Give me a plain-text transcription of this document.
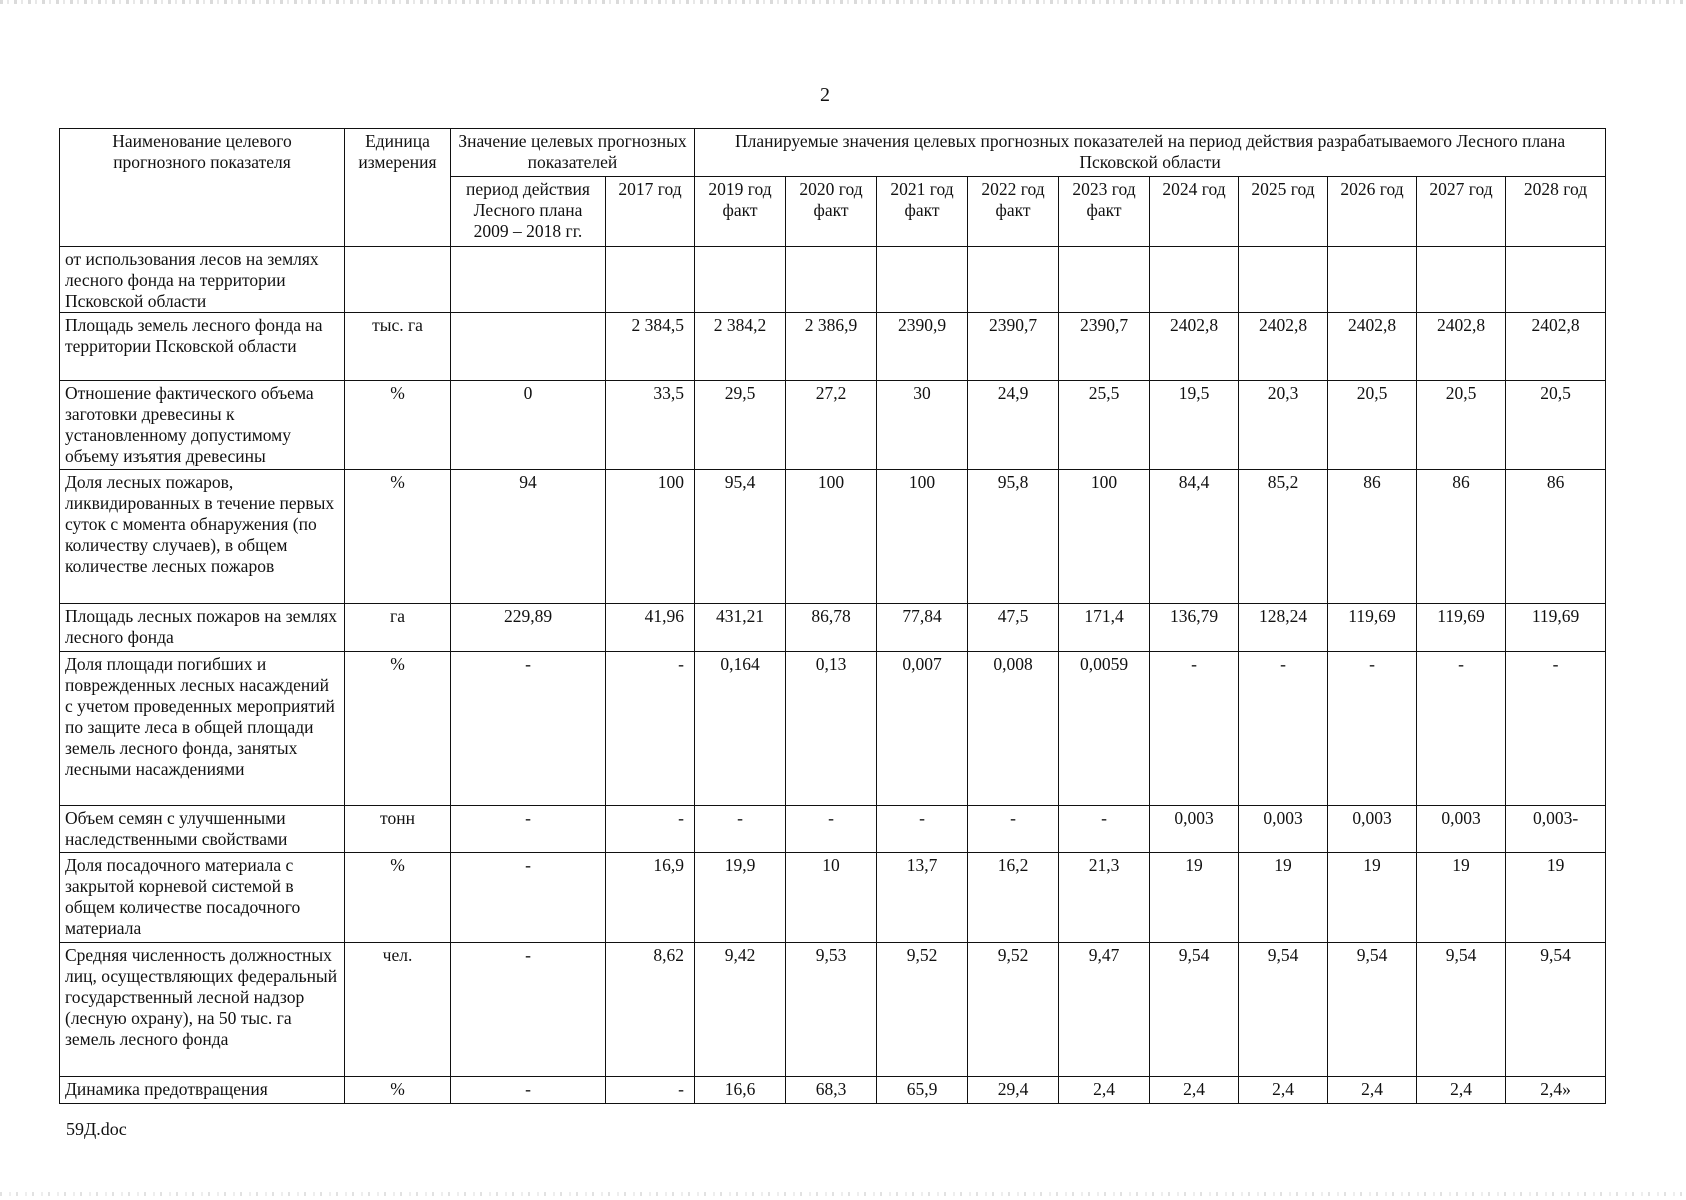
2
Наименование целевого прогнозного показателя	Единица измерения	Значение целевых прогнозных показателей		Планируемые значения целевых прогнозных показателей на период действия разрабатываемого Лесного плана Псковской области									
		период действия Лесного плана 2009 – 2018 гг.	2017 год	2019 год факт	2020 год факт	2021 год факт	2022 год факт	2023 год факт	2024 год	2025 год	2026 год	2027 год	2028 год
от использования лесов на землях лесного фонда на территории Псковской области													
Площадь земель лесного фонда на территории Псковской области	тыс. га		2 384,5	2 384,2	2 386,9	2390,9	2390,7	2390,7	2402,8	2402,8	2402,8	2402,8	2402,8
Отношение фактического объема заготовки древесины к установленному допустимому объему изъятия древесины	%	0	33,5	29,5	27,2	30	24,9	25,5	19,5	20,3	20,5	20,5	20,5
Доля лесных пожаров, ликвидированных в течение первых суток с момента обнаружения (по количеству случаев), в общем количестве лесных пожаров	%	94	100	95,4	100	100	95,8	100	84,4	85,2	86	86	86
Площадь лесных пожаров на землях лесного фонда	га	229,89	41,96	431,21	86,78	77,84	47,5	171,4	136,79	128,24	119,69	119,69	119,69
Доля площади погибших и поврежденных лесных насаждений с учетом проведенных мероприятий по защите леса в общей площади земель лесного фонда, занятых лесными насаждениями	%	-	-	0,164	0,13	0,007	0,008	0,0059	-	-	-	-	-
Объем семян с улучшенными наследственными свойствами	тонн	-	-	-	-	-	-	-	0,003	0,003	0,003	0,003	0,003-
Доля посадочного материала с закрытой корневой системой в общем количестве посадочного материала	%	-	16,9	19,9	10	13,7	16,2	21,3	19	19	19	19	19
Средняя численность должностных лиц, осуществляющих федеральный государственный лесной надзор (лесную охрану), на 50 тыс. га земель лесного фонда	чел.	-	8,62	9,42	9,53	9,52	9,52	9,47	9,54	9,54	9,54	9,54	9,54
Динамика предотвращения	%	-	-	16,6	68,3	65,9	29,4	2,4	2,4	2,4	2,4	2,4	2,4»
59Д.doc
